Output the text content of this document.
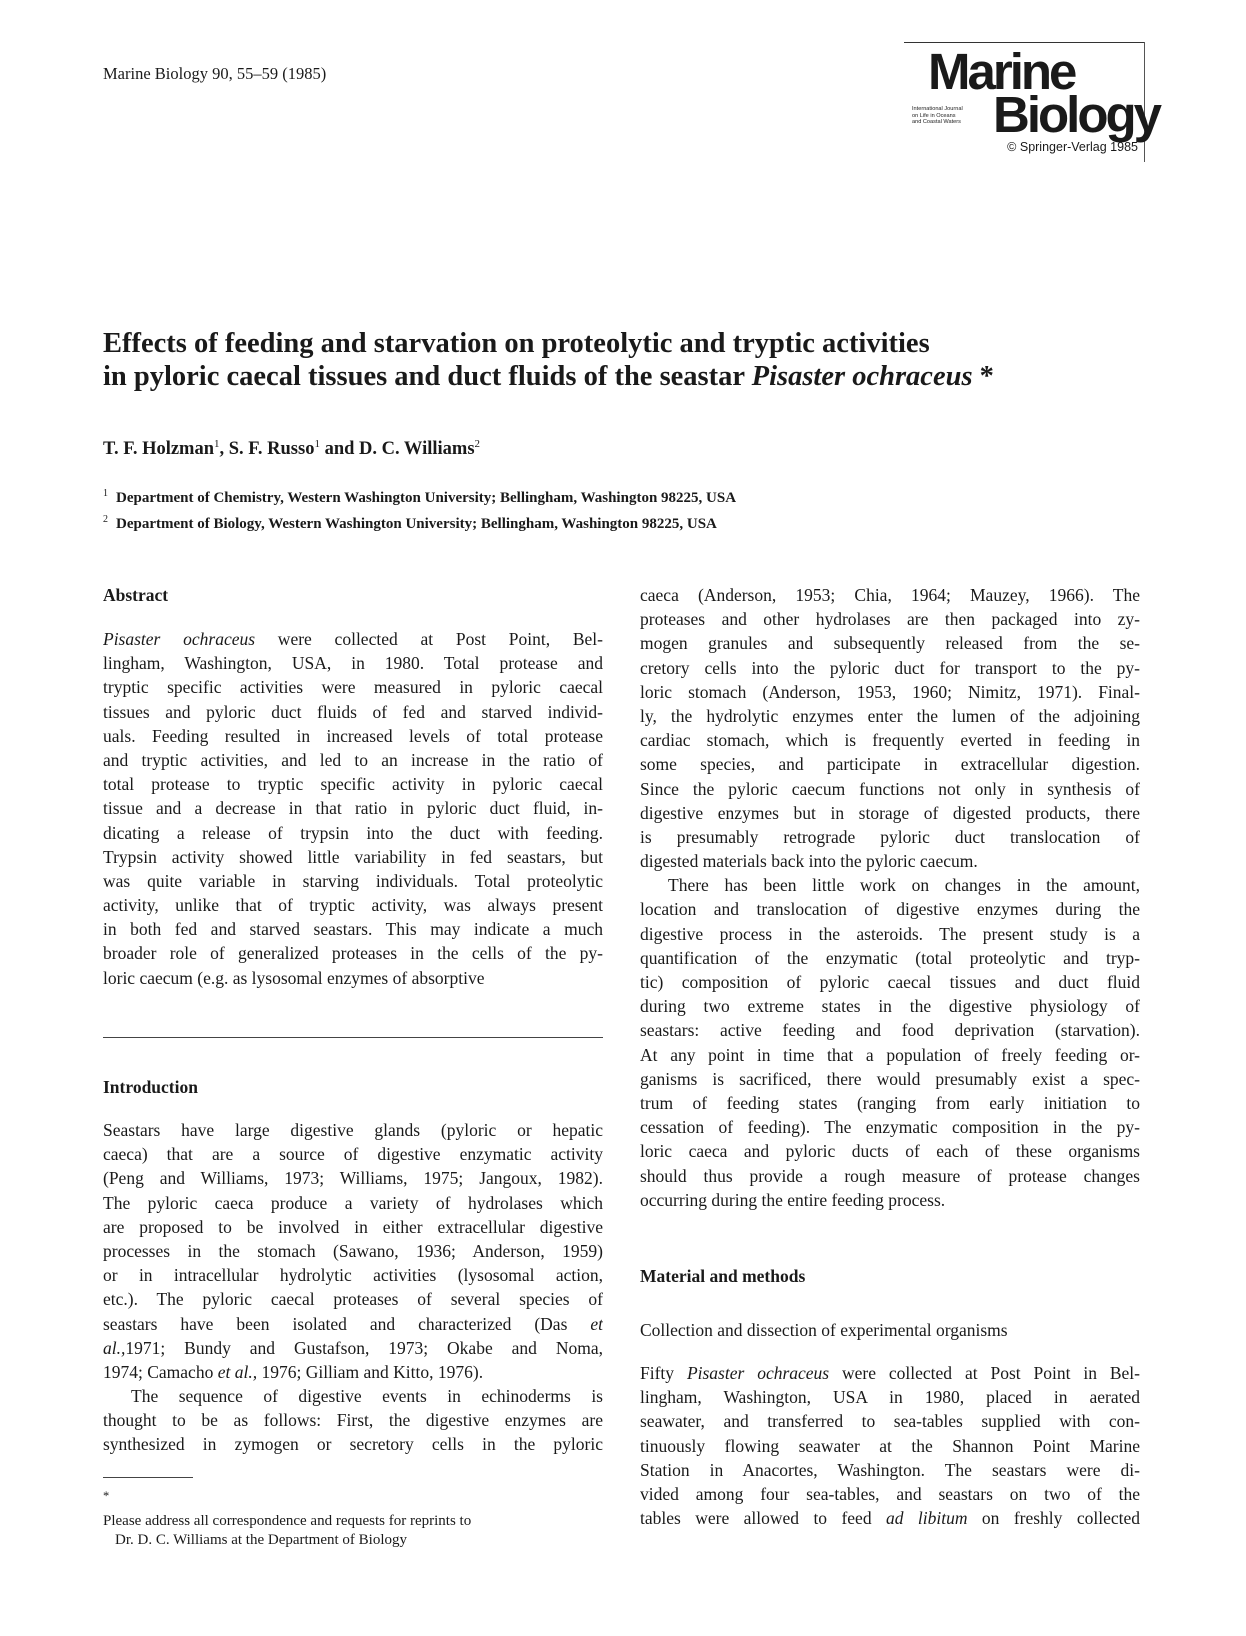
Marine Biology 90, 55–59 (1985)	Marine
International Journal
on Life in Oceans
and Coastal Waters Biology
© Springer-Verlag 1985
Effects of feeding and starvation on proteolytic and tryptic activities
in pyloric caecal tissues and duct fluids of the seastar Pisaster ochraceus *
T. F. Holzman$^1$, S. F. Russo$^1$ and D. C. Williams$^2$
$^1$ Department of Chemistry, Western Washington University; Bellingham, Washington 98225, USA
$^2$ Department of Biology, Western Washington University; Bellingham, Washington 98225, USA
Abstract
Pisaster ochraceus were collected at Post Point, Bel-
lingham, Washington, USA, in 1980. Total protease and
tryptic specific activities were measured in pyloric caecal
tissues and pyloric duct fluids of fed and starved individ-
uals. Feeding resulted in increased levels of total protease
and tryptic activities, and led to an increase in the ratio of
total protease to tryptic specific activity in pyloric caecal
tissue and a decrease in that ratio in pyloric duct fluid, in-
dicating a release of trypsin into the duct with feeding.
Trypsin activity showed little variability in fed seastars, but
was quite variable in starving individuals. Total proteolytic
activity, unlike that of tryptic activity, was always present
in both fed and starved seastars. This may indicate a much
broader role of generalized proteases in the cells of the py-
loric caecum (e.g. as lysosomal enzymes of absorptive
Introduction
Seastars have large digestive glands (pyloric or hepatic
caeca) that are a source of digestive enzymatic activity
(Peng and Williams, 1973; Williams, 1975; Jangoux, 1982).
The pyloric caeca produce a variety of hydrolases which
are proposed to be involved in either extracellular digestive
processes in the stomach (Sawano, 1936; Anderson, 1959)
or in intracellular hydrolytic activities (lysosomal action,
etc.). The pyloric caecal proteases of several species of
seastars have been isolated and characterized (Das et
al.,1971; Bundy and Gustafson, 1973; Okabe and Noma,
1974; Camacho et al., 1976; Gilliam and Kitto, 1976).
The sequence of digestive events in echinoderms is
thought to be as follows: First, the digestive enzymes are
synthesized in zymogen or secretory cells in the pyloric
*
Please address all correspondence and requests for reprints to
Dr. D. C. Williams at the Department of Biology
caeca (Anderson, 1953; Chia, 1964; Mauzey, 1966). The
proteases and other hydrolases are then packaged into zy-
mogen granules and subsequently released from the se-
cretory cells into the pyloric duct for transport to the py-
loric stomach (Anderson, 1953, 1960; Nimitz, 1971). Final-
ly, the hydrolytic enzymes enter the lumen of the adjoining
cardiac stomach, which is frequently everted in feeding in
some species, and participate in extracellular digestion.
Since the pyloric caecum functions not only in synthesis of
digestive enzymes but in storage of digested products, there
is presumably retrograde pyloric duct translocation of
digested materials back into the pyloric caecum.
There has been little work on changes in the amount,
location and translocation of digestive enzymes during the
digestive process in the asteroids. The present study is a
quantification of the enzymatic (total proteolytic and tryp-
tic) composition of pyloric caecal tissues and duct fluid
during two extreme states in the digestive physiology of
seastars: active feeding and food deprivation (starvation).
At any point in time that a population of freely feeding or-
ganisms is sacrificed, there would presumably exist a spec-
trum of feeding states (ranging from early initiation to
cessation of feeding). The enzymatic composition in the py-
loric caeca and pyloric ducts of each of these organisms
should thus provide a rough measure of protease changes
occurring during the entire feeding process.
Material and methods
Collection and dissection of experimental organisms
Fifty Pisaster ochraceus were collected at Post Point in Bel-
lingham, Washington, USA in 1980, placed in aerated
seawater, and transferred to sea-tables supplied with con-
tinuously flowing seawater at the Shannon Point Marine
Station in Anacortes, Washington. The seastars were di-
vided among four sea-tables, and seastars on two of the
tables were allowed to feed ad libitum on freshly collected
